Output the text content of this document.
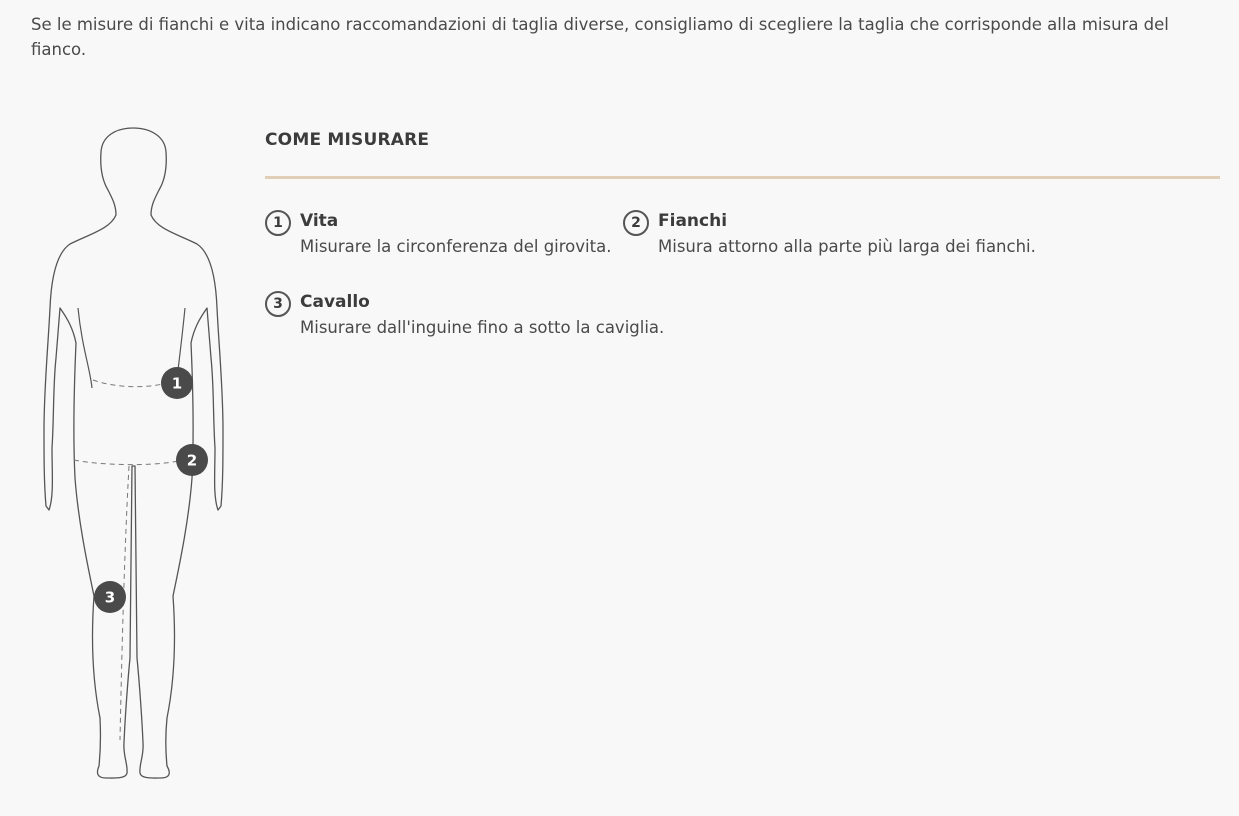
Se le misure di fianchi e vita indicano raccomandazioni di taglia diverse, consigliamo di scegliere la taglia che corrisponde alla misura del fianco.

1
2
3
COME MISURARE
1	Vita
Misurare la circonferenza del girovita.
2	Fianchi
Misura attorno alla parte più larga dei fianchi.
3	Cavallo
Misurare dall'inguine fino a sotto la caviglia.
